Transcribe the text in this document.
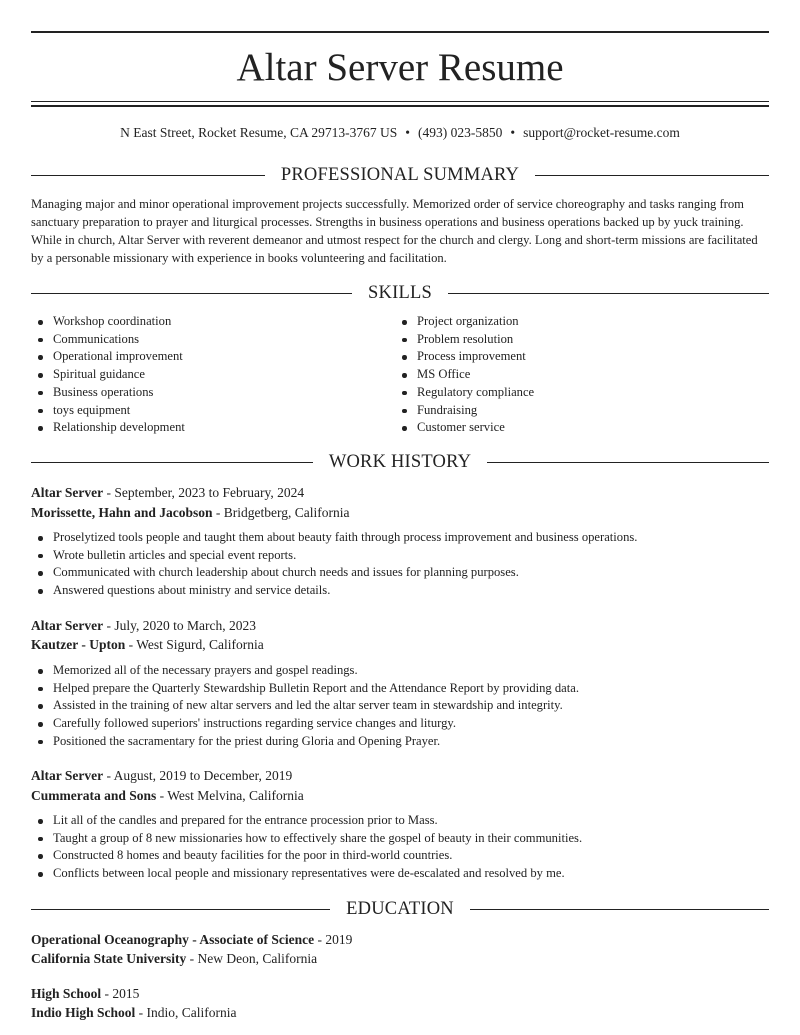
Altar Server Resume
N East Street, Rocket Resume, CA 29713-3767 US • (493) 023-5850 • support@rocket-resume.com
PROFESSIONAL SUMMARY

Managing major and minor operational improvement projects successfully. Memorized order of service choreography and tasks ranging from sanctuary preparation to prayer and liturgical processes. Strengths in business operations and business operations backed up by yuck training. While in church, Altar Server with reverent demeanor and utmost respect for the church and clergy. Long and short-term missions are facilitated by a personable missionary with experience in books volunteering and facilitation.

SKILLS
Workshop coordination
Communications
Operational improvement
Spiritual guidance
Business operations
toys equipment
Relationship development
Project organization
Problem resolution
Process improvement
MS Office
Regulatory compliance
Fundraising
Customer service
WORK HISTORY
Altar Server - September, 2023 to February, 2024
Morissette, Hahn and Jacobson - Bridgetberg, California
Proselytized tools people and taught them about beauty faith through process improvement and business operations.
Wrote bulletin articles and special event reports.
Communicated with church leadership about church needs and issues for planning purposes.
Answered questions about ministry and service details.
Altar Server - July, 2020 to March, 2023
Kautzer - Upton - West Sigurd, California
Memorized all of the necessary prayers and gospel readings.
Helped prepare the Quarterly Stewardship Bulletin Report and the Attendance Report by providing data.
Assisted in the training of new altar servers and led the altar server team in stewardship and integrity.
Carefully followed superiors' instructions regarding service changes and liturgy.
Positioned the sacramentary for the priest during Gloria and Opening Prayer.
Altar Server - August, 2019 to December, 2019
Cummerata and Sons - West Melvina, California
Lit all of the candles and prepared for the entrance procession prior to Mass.
Taught a group of 8 new missionaries how to effectively share the gospel of beauty in their communities.
Constructed 8 homes and beauty facilities for the poor in third-world countries.
Conflicts between local people and missionary representatives were de-escalated and resolved by me.
EDUCATION
Operational Oceanography - Associate of Science - 2019
California State University - New Deon, California
High School - 2015
Indio High School - Indio, California
